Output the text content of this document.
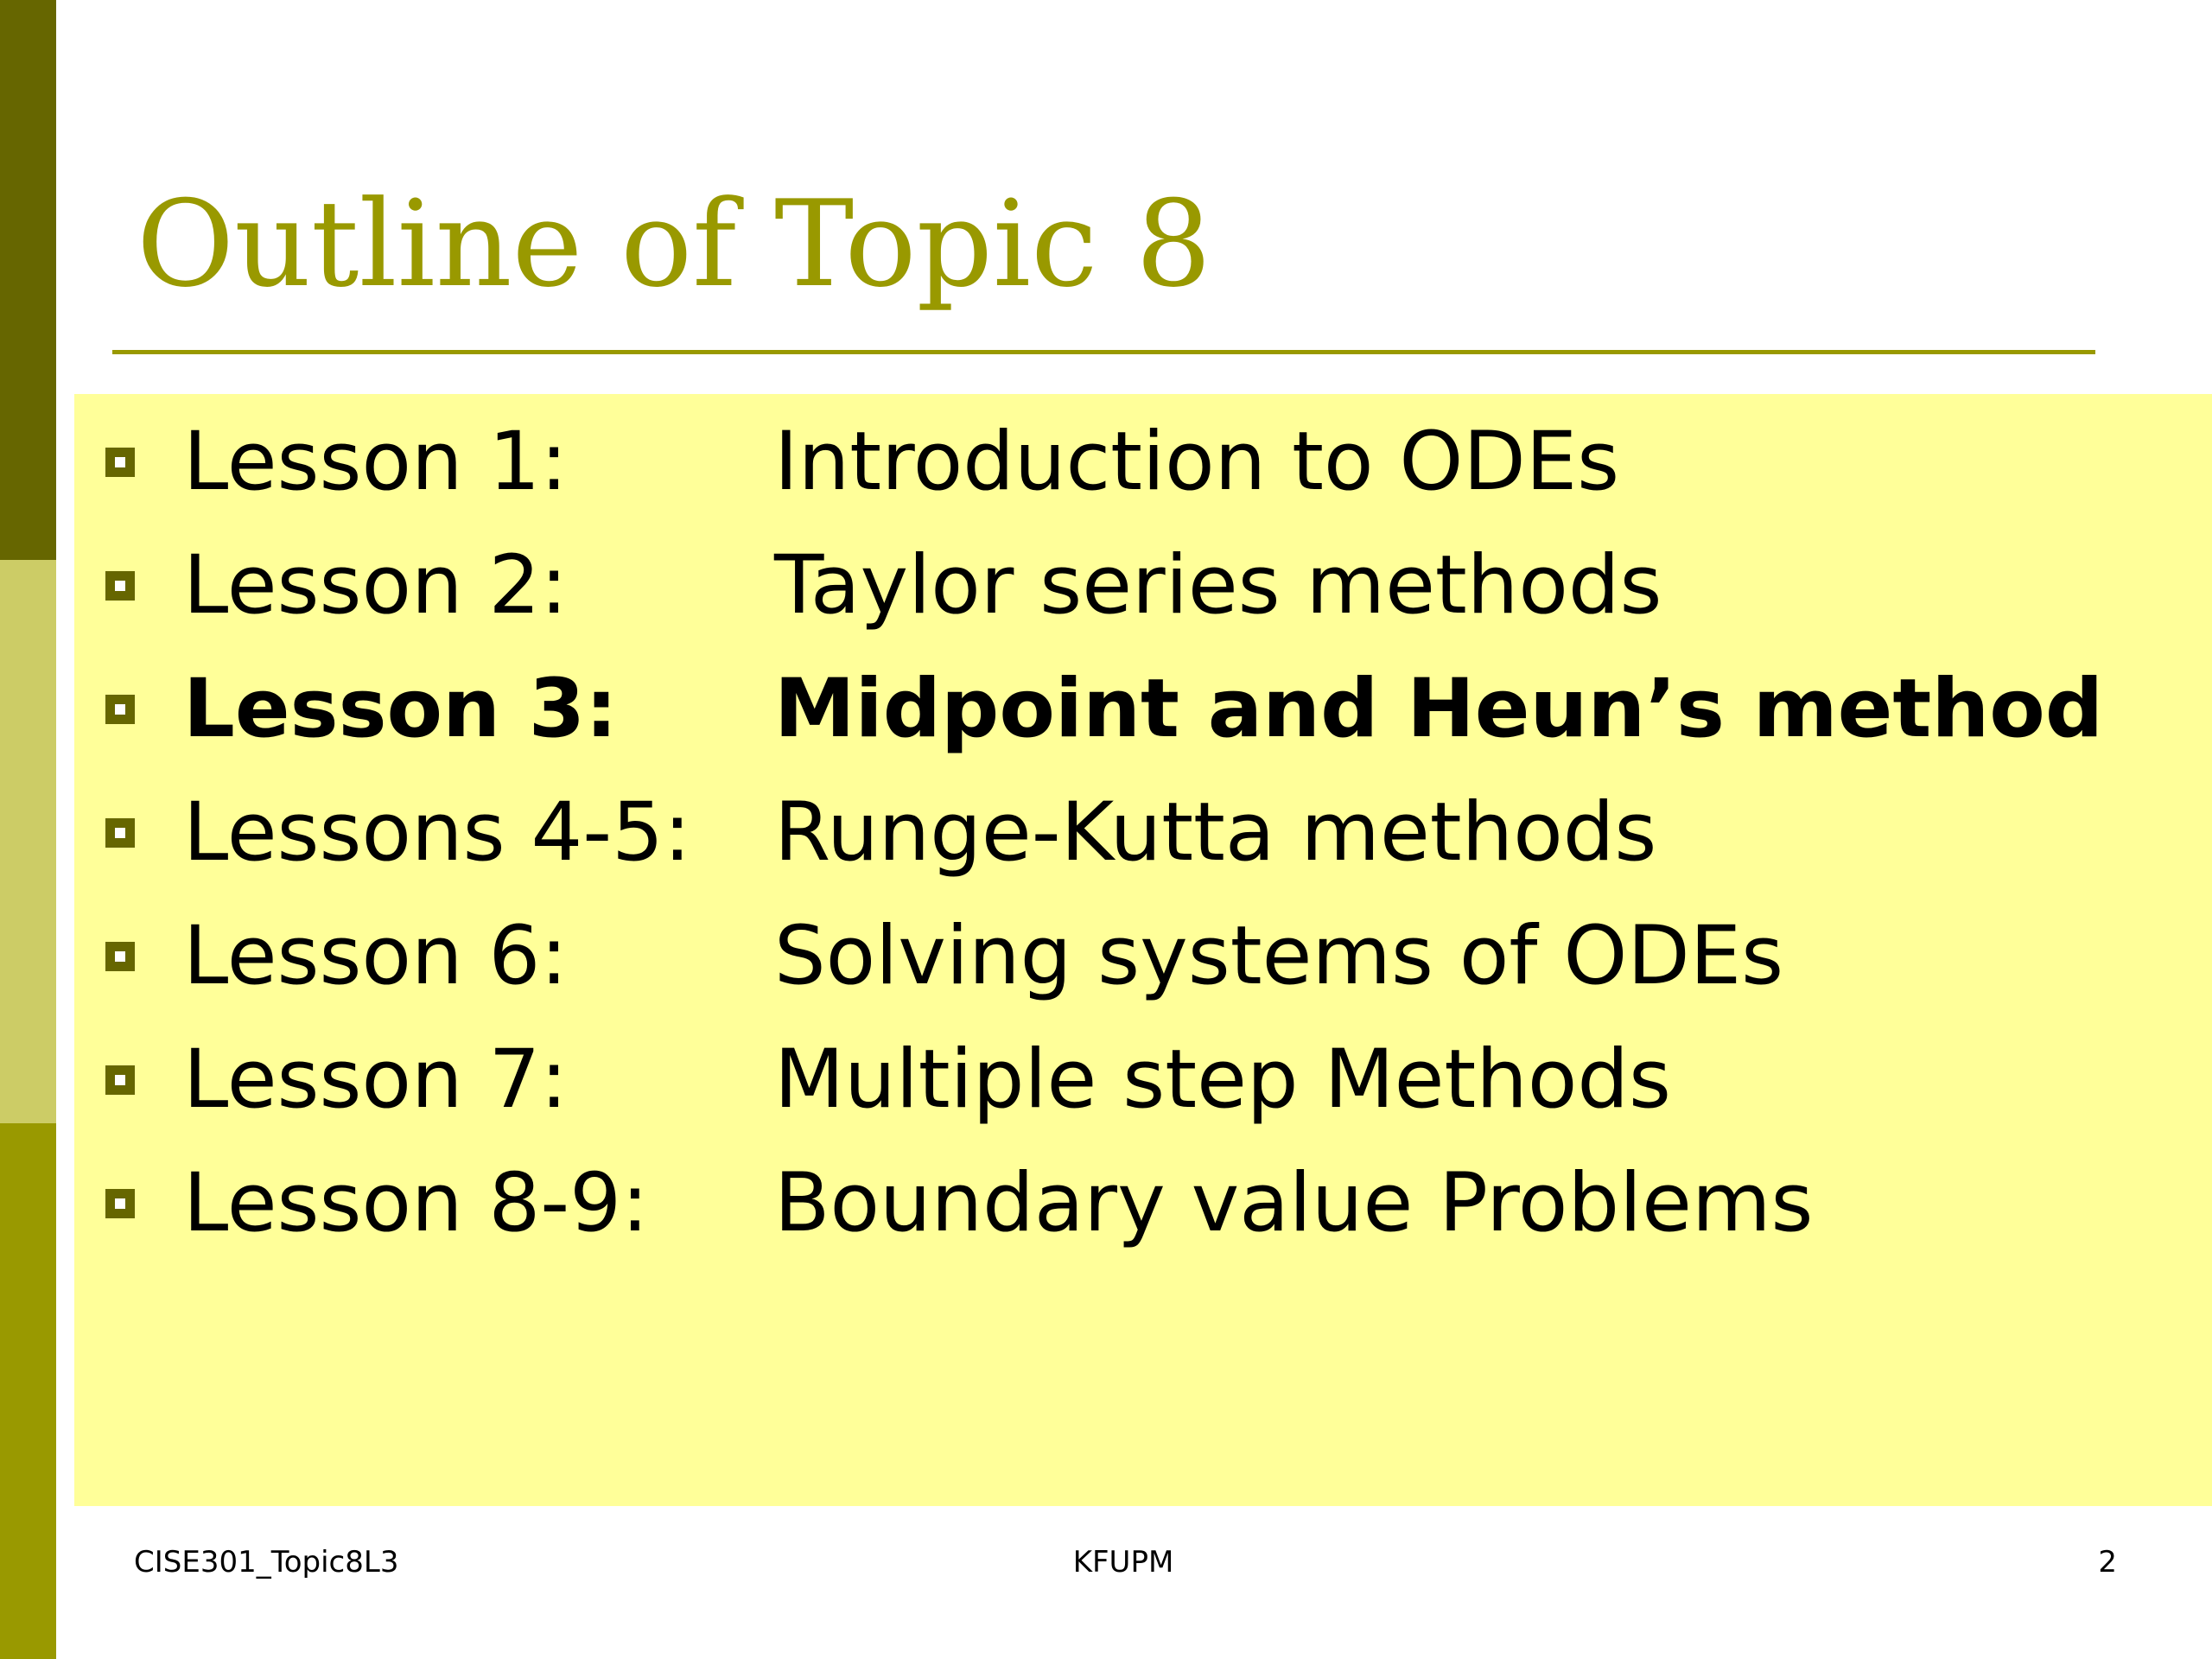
Outline of Topic 8
Lesson 1:	Introduction to ODEs
Lesson 2:	Taylor series methods
Lesson 3: Midpoint and Heun’s method
Lessons 4-5: Runge-Kutta methods
Lesson 6:	Solving systems of ODEs
Lesson 7:	Multiple step Methods
Lesson 8-9: Boundary value Problems
CISE301_Topic8L3	KFUPM	2
